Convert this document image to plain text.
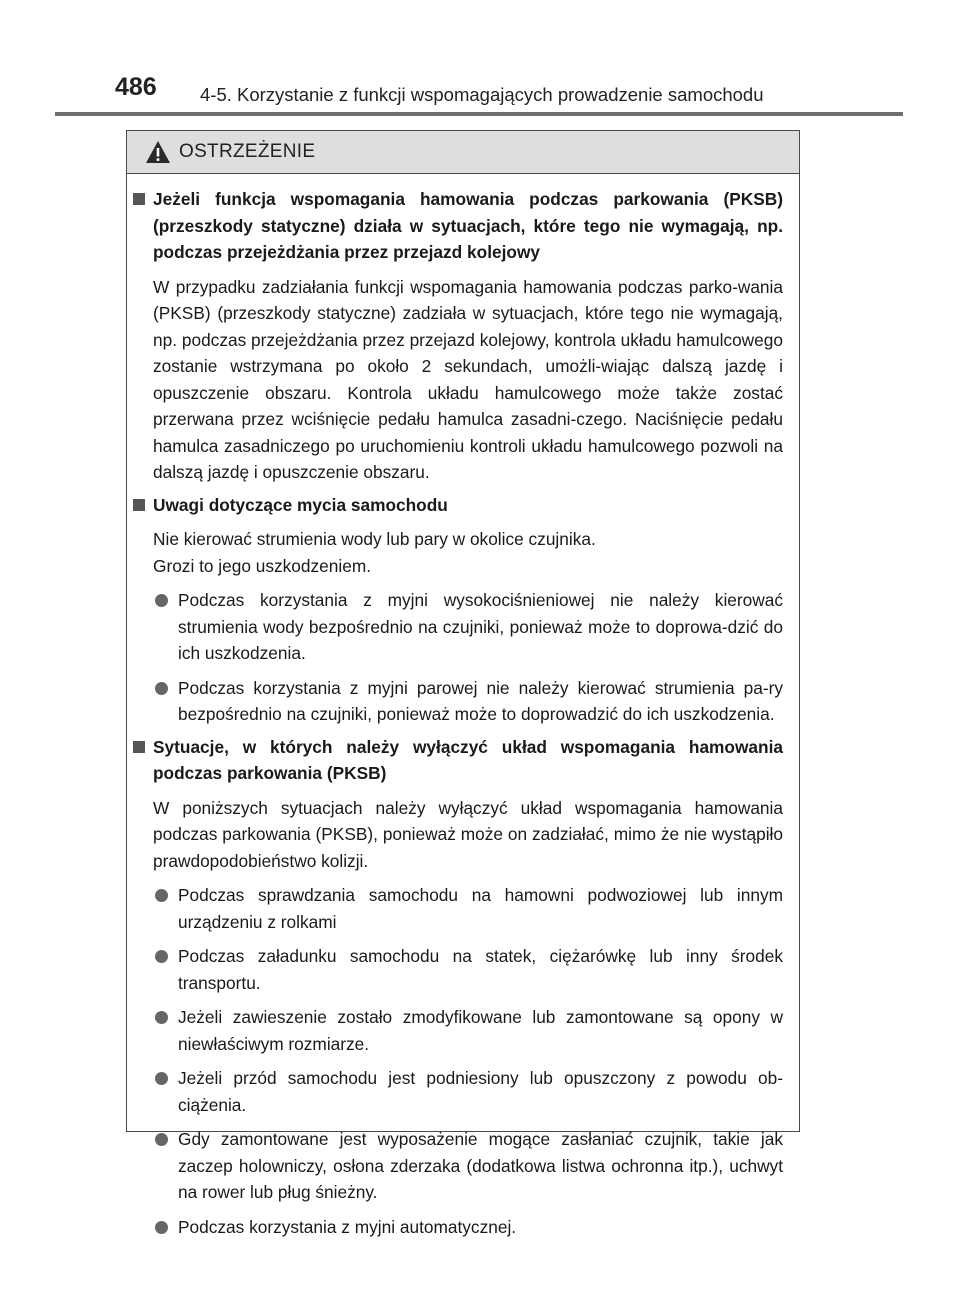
486 4-5. Korzystanie z funkcji wspomagających prowadzenie samochodu
OSTRZEŻENIE
Jeżeli funkcja wspomagania hamowania podczas parkowania (PKSB) (przeszkody statyczne) działa w sytuacjach, które tego nie wymagają, np. podczas przejeżdżania przez przejazd kolejowy
W przypadku zadziałania funkcji wspomagania hamowania podczas parko-wania (PKSB) (przeszkody statyczne) zadziała w sytuacjach, które tego nie wymagają, np. podczas przejeżdżania przez przejazd kolejowy, kontrola układu hamulcowego zostanie wstrzymana po około 2 sekundach, umożli-wiając dalszą jazdę i opuszczenie obszaru. Kontrola układu hamulcowego może także zostać przerwana przez wciśnięcie pedału hamulca zasadni-czego. Naciśnięcie pedału hamulca zasadniczego po uruchomieniu kontroli układu hamulcowego pozwoli na dalszą jazdę i opuszczenie obszaru.
Uwagi dotyczące mycia samochodu
Nie kierować strumienia wody lub pary w okolice czujnika.
Grozi to jego uszkodzeniem.
Podczas korzystania z myjni wysokociśnieniowej nie należy kierować strumienia wody bezpośrednio na czujniki, ponieważ może to doprowa-dzić do ich uszkodzenia.
Podczas korzystania z myjni parowej nie należy kierować strumienia pa-ry bezpośrednio na czujniki, ponieważ może to doprowadzić do ich uszkodzenia.
Sytuacje, w których należy wyłączyć układ wspomagania hamowania podczas parkowania (PKSB)
W poniższych sytuacjach należy wyłączyć układ wspomagania hamowania podczas parkowania (PKSB), ponieważ może on zadziałać, mimo że nie wystąpiło prawdopodobieństwo kolizji.
Podczas sprawdzania samochodu na hamowni podwoziowej lub innym urządzeniu z rolkami
Podczas załadunku samochodu na statek, ciężarówkę lub inny środek transportu.
Jeżeli zawieszenie zostało zmodyfikowane lub zamontowane są opony w niewłaściwym rozmiarze.
Jeżeli przód samochodu jest podniesiony lub opuszczony z powodu ob-ciążenia.
Gdy zamontowane jest wyposażenie mogące zasłaniać czujnik, takie jak zaczep holowniczy, osłona zderzaka (dodatkowa listwa ochronna itp.), uchwyt na rower lub pług śnieżny.
Podczas korzystania z myjni automatycznej.
